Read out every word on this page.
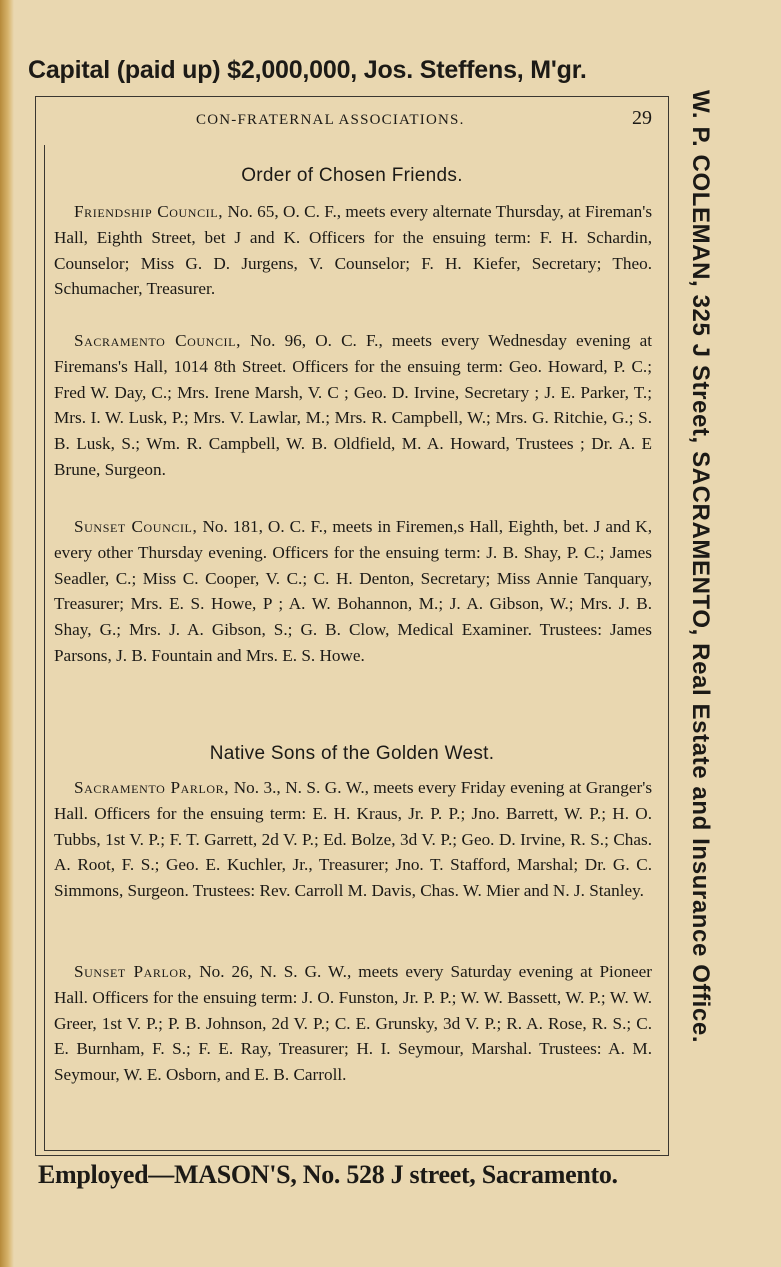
Capital (paid up) $2,000,000, Jos. Steffens, M'gr.
CON-FRATERNAL ASSOCIATIONS.	29
Order of Chosen Friends.

Friendship Council, No. 65, O. C. F., meets every alternate Thursday, at Fireman's Hall, Eighth Street, bet J and K. Officers for the ensuing term: F. H. Schardin, Counselor; Miss G. D. Jurgens, V. Counselor; F. H. Kiefer, Secretary; Theo. Schumacher, Treasurer.

Sacramento Council, No. 96, O. C. F., meets every Wednesday evening at Firemans's Hall, 1014 8th Street. Officers for the ensuing term: Geo. Howard, P. C.; Fred W. Day, C.; Mrs. Irene Marsh, V. C ; Geo. D. Irvine, Secretary ; J. E. Parker, T.; Mrs. I. W. Lusk, P.; Mrs. V. Lawlar, M.; Mrs. R. Campbell, W.; Mrs. G. Ritchie, G.; S. B. Lusk, S.; Wm. R. Campbell, W. B. Oldfield, M. A. Howard, Trustees ; Dr. A. E Brune, Surgeon.

Sunset Council, No. 181, O. C. F., meets in Firemen,s Hall, Eighth, bet. J and K, every other Thursday evening. Officers for the ensuing term: J. B. Shay, P. C.; James Seadler, C.; Miss C. Cooper, V. C.; C. H. Denton, Secretary; Miss Annie Tanquary, Treasurer; Mrs. E. S. Howe, P ; A. W. Bohannon, M.; J. A. Gibson, W.; Mrs. J. B. Shay, G.; Mrs. J. A. Gibson, S.; G. B. Clow, Medical Examiner. Trustees: James Parsons, J. B. Fountain and Mrs. E. S. Howe.

Native Sons of the Golden West.

Sacramento Parlor, No. 3., N. S. G. W., meets every Friday evening at Granger's Hall. Officers for the ensuing term: E. H. Kraus, Jr. P. P.; Jno. Barrett, W. P.; H. O. Tubbs, 1st V. P.; F. T. Garrett, 2d V. P.; Ed. Bolze, 3d V. P.; Geo. D. Irvine, R. S.; Chas. A. Root, F. S.; Geo. E. Kuchler, Jr., Treasurer; Jno. T. Stafford, Marshal; Dr. G. C. Simmons, Surgeon. Trustees: Rev. Carroll M. Davis, Chas. W. Mier and N. J. Stanley.

Sunset Parlor, No. 26, N. S. G. W., meets every Saturday evening at Pioneer Hall. Officers for the ensuing term: J. O. Funston, Jr. P. P.; W. W. Bassett, W. P.; W. W. Greer, 1st V. P.; P. B. Johnson, 2d V. P.; C. E. Grunsky, 3d V. P.; R. A. Rose, R. S.; C. E. Burnham, F. S.; F. E. Ray, Treasurer; H. I. Seymour, Marshal. Trustees: A. M. Seymour, W. E. Osborn, and E. B. Carroll.

W. P. COLEMAN, 325 J Street, SACRAMENTO, Real Estate and Insurance Office.
Employed—MASON'S, No. 528 J street, Sacramento.
